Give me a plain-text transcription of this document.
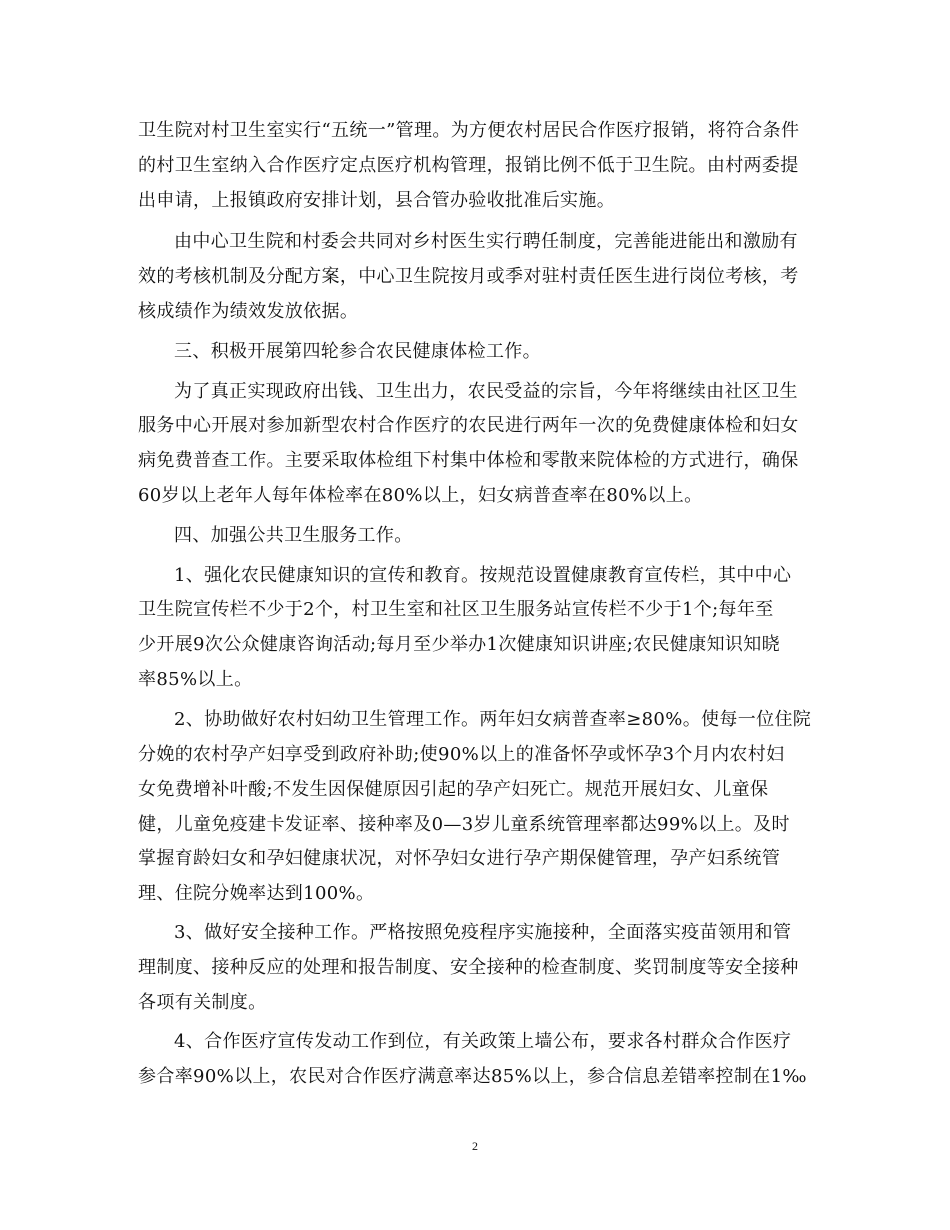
卫生院对村卫生室实行“五统一”管理。为方便农村居民合作医疗报销，将符合条件
的村卫生室纳入合作医疗定点医疗机构管理，报销比例不低于卫生院。由村两委提
出申请，上报镇政府安排计划，县合管办验收批准后实施。
由中心卫生院和村委会共同对乡村医生实行聘任制度，完善能进能出和激励有
效的考核机制及分配方案，中心卫生院按月或季对驻村责任医生进行岗位考核，考
核成绩作为绩效发放依据。
三、积极开展第四轮参合农民健康体检工作。
为了真正实现政府出钱、卫生出力，农民受益的宗旨，今年将继续由社区卫生
服务中心开展对参加新型农村合作医疗的农民进行两年一次的免费健康体检和妇女
病免费普查工作。主要采取体检组下村集中体检和零散来院体检的方式进行，确保
60岁以上老年人每年体检率在80%以上，妇女病普查率在80%以上。
四、加强公共卫生服务工作。
1、强化农民健康知识的宣传和教育。按规范设置健康教育宣传栏，其中中心
卫生院宣传栏不少于2个，村卫生室和社区卫生服务站宣传栏不少于1个;每年至
少开展9次公众健康咨询活动;每月至少举办1次健康知识讲座;农民健康知识知晓
率85%以上。
2、协助做好农村妇幼卫生管理工作。两年妇女病普查率≥80%。使每一位住院
分娩的农村孕产妇享受到政府补助;使90%以上的准备怀孕或怀孕3个月内农村妇
女免费增补叶酸;不发生因保健原因引起的孕产妇死亡。规范开展妇女、儿童保
健，儿童免疫建卡发证率、接种率及0—3岁儿童系统管理率都达99%以上。及时
掌握育龄妇女和孕妇健康状况，对怀孕妇女进行孕产期保健管理，孕产妇系统管
理、住院分娩率达到100%。
3、做好安全接种工作。严格按照免疫程序实施接种，全面落实疫苗领用和管
理制度、接种反应的处理和报告制度、安全接种的检查制度、奖罚制度等安全接种
各项有关制度。
4、合作医疗宣传发动工作到位，有关政策上墙公布，要求各村群众合作医疗
参合率90%以上，农民对合作医疗满意率达85%以上，参合信息差错率控制在1‰
2
